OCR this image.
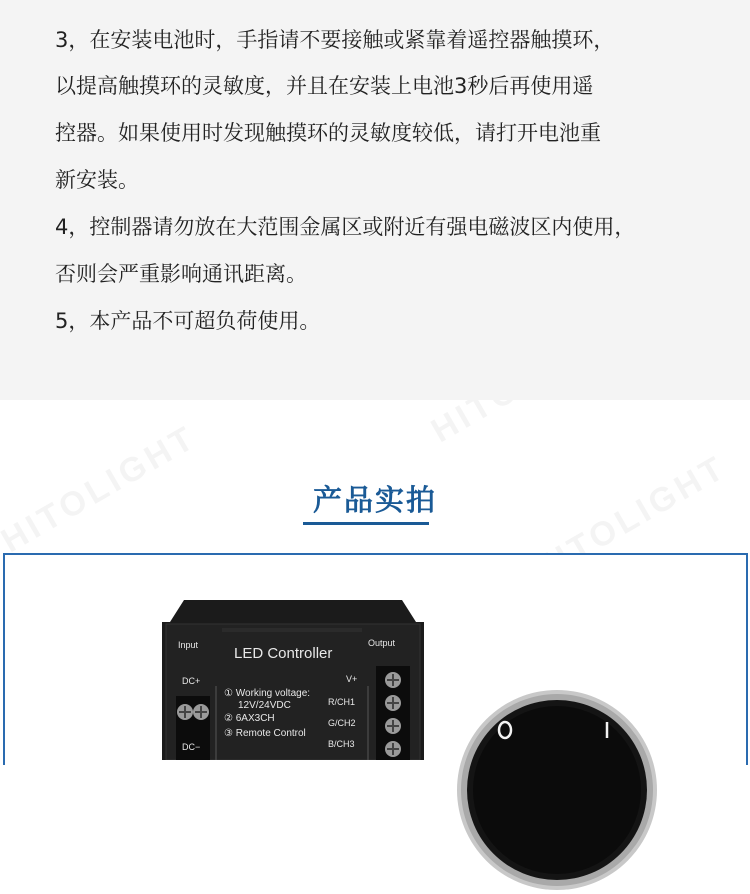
3，在安装电池时，手指请不要接触或紧靠着遥控器触摸环，
以提高触摸环的灵敏度，并且在安装上电池3秒后再使用遥
控器。如果使用时发现触摸环的灵敏度较低，请打开电池重
新安装。
4，控制器请勿放在大范围金属区或附近有强电磁波区内使用，
否则会严重影响通讯距离。
5，本产品不可超负荷使用。
产品实拍
Input	Output
LED Controller
DC+
DC−
V+
R/CH1
G/CH2
B/CH3
① Working voltage:
12V/24VDC
② 6AX3CH
③ Remote Control
